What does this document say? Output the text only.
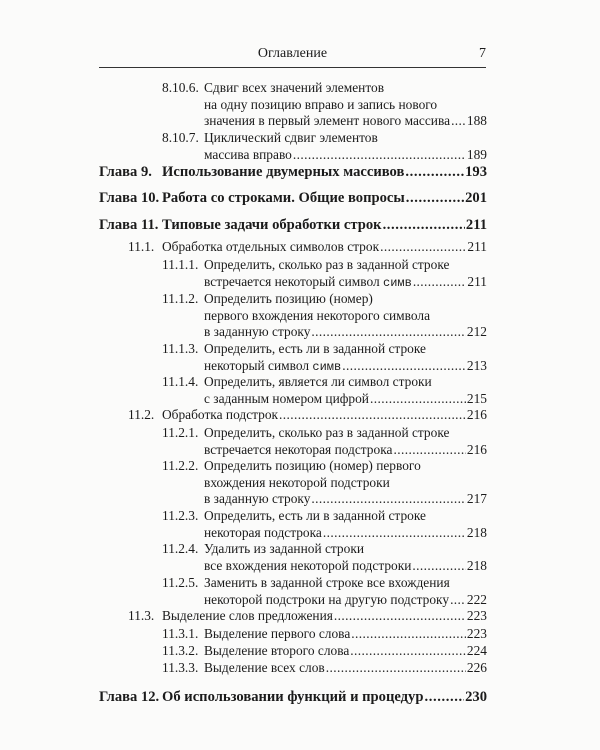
Оглавление	7
8.10.6. Сдвиг всех значений элементов
на одну позицию вправо и запись нового
значения в первый элемент нового массива ..... 188
8.10.7. Циклический сдвиг элементов
массива вправо .....	189
Глава 9. Использование двумерных массивов .....	193
Глава 10. Работа со строками. Общие вопросы .....	201
Глава 11. Типовые задачи обработки строк .....	211
11.1. Обработка отдельных символов строк .....	211
11.1.1. Определить, сколько раз в заданной строке
встречается некоторый символ симв .....	211
11.1.2. Определить позицию (номер)
первого вхождения некоторого символа
в заданную строку .....	212
11.1.3. Определить, есть ли в заданной строке
некоторый символ симв .....	213
11.1.4. Определить, является ли символ строки
с заданным номером цифрой .....	215
11.2. Обработка подстрок .....	216
11.2.1. Определить, сколько раз в заданной строке
встречается некоторая подстрока .....	216
11.2.2. Определить позицию (номер) первого
вхождения некоторой подстроки
в заданную строку .....	217
11.2.3. Определить, есть ли в заданной строке
некоторая подстрока .....	218
11.2.4. Удалить из заданной строки
все вхождения некоторой подстроки .....	218
11.2.5. Заменить в заданной строке все вхождения
некоторой подстроки на другую подстроку ..... 222
11.3. Выделение слов предложения .....	223
11.3.1. Выделение первого слова .....	223
11.3.2. Выделение второго слова .....	224
11.3.3. Выделение всех слов .....	226
Глава 12. Об использовании функций и процедур .....	230
